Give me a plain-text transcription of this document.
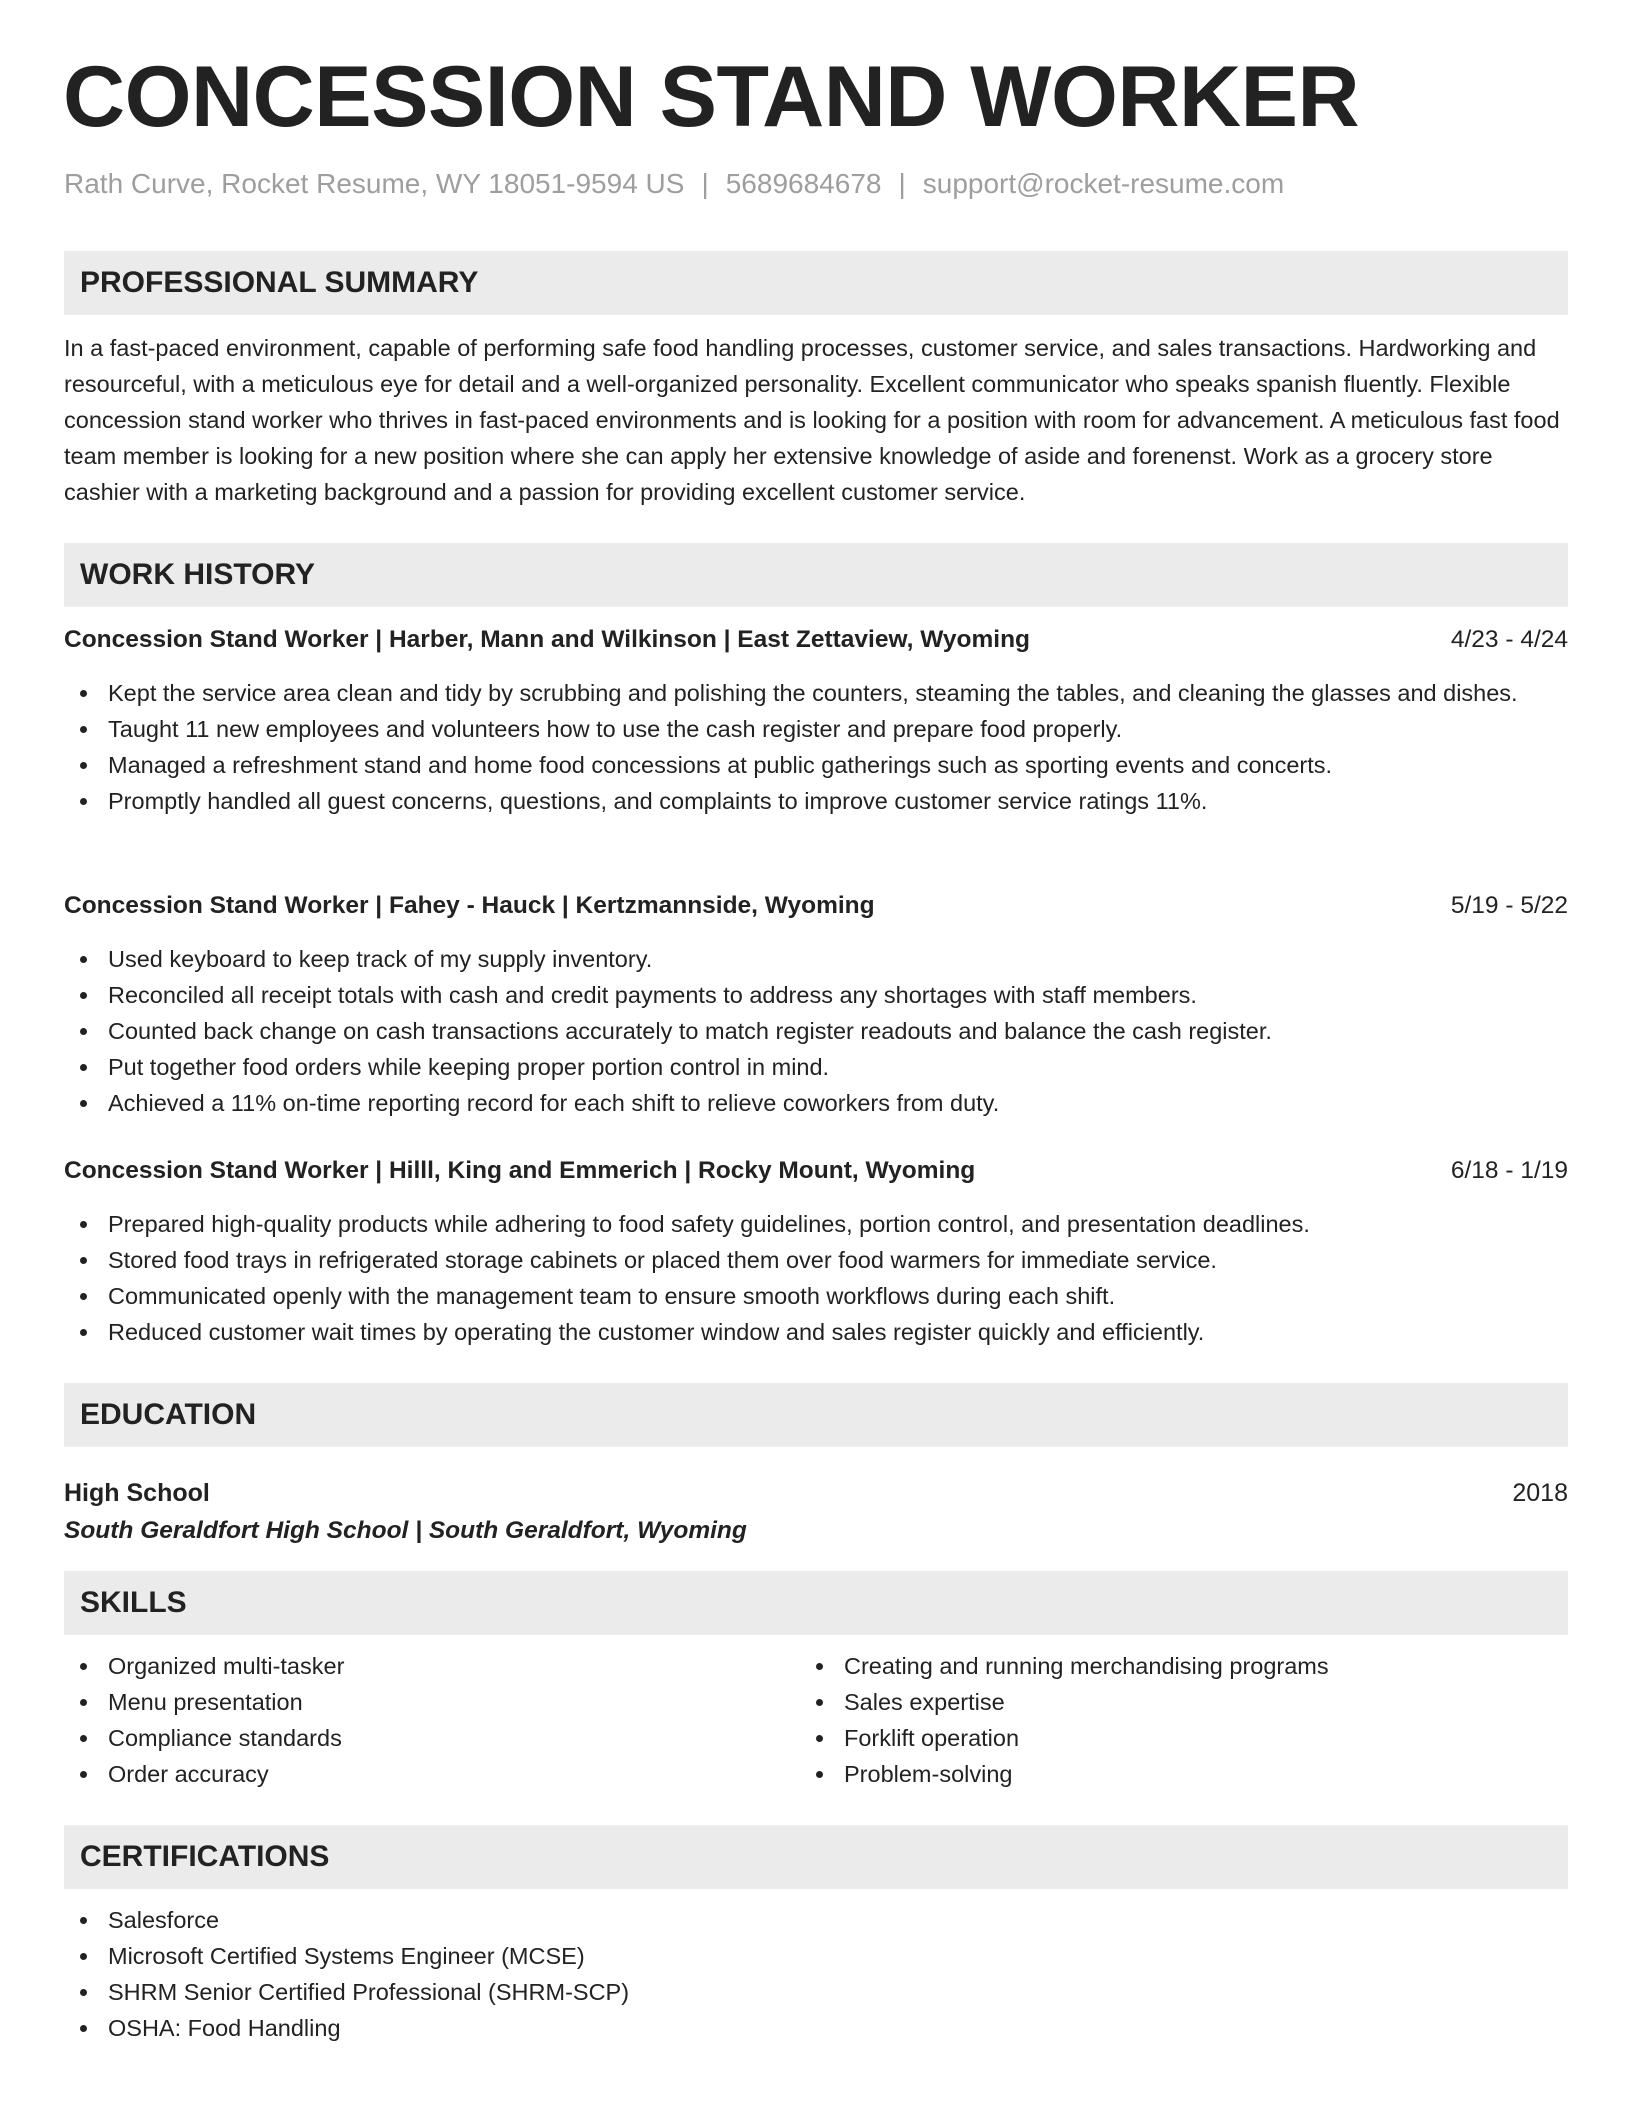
CONCESSION STAND WORKER
Rath Curve, Rocket Resume, WY 18051-9594 US | 5689684678 | support@rocket-resume.com
PROFESSIONAL SUMMARY

In a fast-paced environment, capable of performing safe food handling processes, customer service, and sales transactions. Hardworking and resourceful, with a meticulous eye for detail and a well-organized personality. Excellent communicator who speaks spanish fluently. Flexible concession stand worker who thrives in fast-paced environments and is looking for a position with room for advancement. A meticulous fast food team member is looking for a new position where she can apply her extensive knowledge of aside and forenenst. Work as a grocery store cashier with a marketing background and a passion for providing excellent customer service.

WORK HISTORY
Concession Stand Worker | Harber, Mann and Wilkinson | East Zettaview, Wyoming	4/23 - 4/24
Kept the service area clean and tidy by scrubbing and polishing the counters, steaming the tables, and cleaning the glasses and dishes.
Taught 11 new employees and volunteers how to use the cash register and prepare food properly.
Managed a refreshment stand and home food concessions at public gatherings such as sporting events and concerts.
Promptly handled all guest concerns, questions, and complaints to improve customer service ratings 11%.
Concession Stand Worker | Fahey - Hauck | Kertzmannside, Wyoming	5/19 - 5/22
Used keyboard to keep track of my supply inventory.
Reconciled all receipt totals with cash and credit payments to address any shortages with staff members.
Counted back change on cash transactions accurately to match register readouts and balance the cash register.
Put together food orders while keeping proper portion control in mind.
Achieved a 11% on-time reporting record for each shift to relieve coworkers from duty.
Concession Stand Worker | Hilll, King and Emmerich | Rocky Mount, Wyoming	6/18 - 1/19
Prepared high-quality products while adhering to food safety guidelines, portion control, and presentation deadlines.
Stored food trays in refrigerated storage cabinets or placed them over food warmers for immediate service.
Communicated openly with the management team to ensure smooth workflows during each shift.
Reduced customer wait times by operating the customer window and sales register quickly and efficiently.
EDUCATION
High School	2018
South Geraldfort High School | South Geraldfort, Wyoming
SKILLS
Organized multi-tasker
Menu presentation
Compliance standards
Order accuracy
Creating and running merchandising programs
Sales expertise
Forklift operation
Problem-solving
CERTIFICATIONS
Salesforce
Microsoft Certified Systems Engineer (MCSE)
SHRM Senior Certified Professional (SHRM-SCP)
OSHA: Food Handling
